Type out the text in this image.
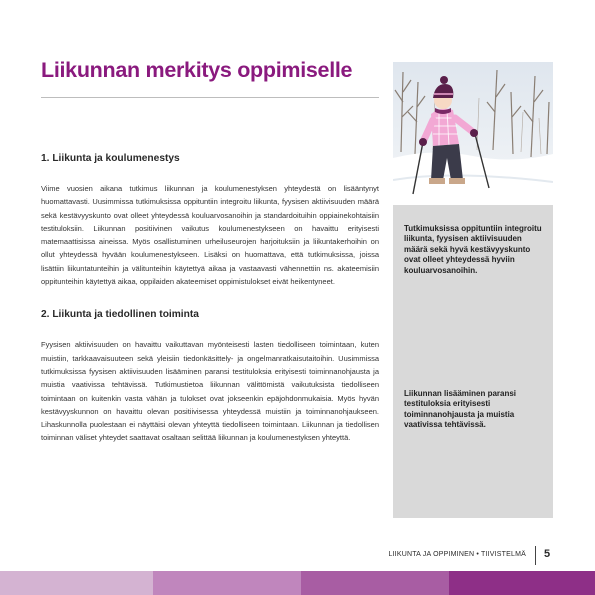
Liikunnan merkitys oppimiselle
1. Liikunta ja koulumenestys

Viime vuosien aikana tutkimus liikunnan ja koulumenestyksen yhteydestä on lisääntynyt huomattavasti. Uusimmissa tutkimuksissa oppituntiin integroitu liikunta, fyysisen aktiivisuuden määrä sekä kestävyyskunto ovat olleet yhteydessä kouluarvosanoihin ja standardoituihin oppiainekohtaisiin testituloksiin. Liikunnan positiivinen vaikutus koulumenestykseen on havaittu erityisesti matemaattisissa aineissa. Myös osallistuminen urheiluseurojen harjoituksiin ja liikuntakerhoihin on ollut yhteydessä hyvään koulumenestykseen. Lisäksi on huomattava, että tutkimuksissa, joissa lisättiin liikuntatunteihin ja välitunteihin käytettyä aikaa ja vastaavasti vähennettiin ns. akateemisiin oppitunteihin käytettyä aikaa, oppilaiden akateemiset oppimistulokset eivät heikentyneet.

2. Liikunta ja tiedollinen toiminta

Fyysisen aktiivisuuden on havaittu vaikuttavan myönteisesti lasten tiedolliseen toimintaan, kuten muistiin, tarkkaavaisuuteen sekä yleisiin tiedonkäsittely- ja ongelmanratkaisutaitoihin. Uusimmissa tutkimuksissa fyysisen aktiivisuuden lisääminen paransi testituloksia erityisesti toiminnanohjausta ja muistia vaativissa tehtävissä. Tutkimustietoa liikunnan välittömistä vaikutuksista tiedolliseen toimintaan on kuitenkin vasta vähän ja tulokset ovat jokseenkin epäjohdonmukaisia. Myös hyvän kestävyyskunnon on havaittu olevan positiivisessa yhteydessä muistiin ja toiminnanohjaukseen. Lihaskunnolla puolestaan ei näyttäisi olevan yhteyttä tiedolliseen toimintaan. Liikunnan ja tiedollisen toiminnan väliset yhteydet saattavat osaltaan selittää liikunnan ja koulumenestyksen yhteyttä.

Tutkimuksissa oppituntiin integroitu liikunta, fyysisen aktiivisuuden määrä sekä hyvä kestävyyskunto ovat olleet yhteydessä hyviin kouluarvosanoihin.

Liikunnan lisääminen paransi testituloksia erityisesti toiminnanohjausta ja muistia vaativissa tehtävissä.

LIIKUNTA JA OPPIMINEN • TIIVISTELMÄ 5
